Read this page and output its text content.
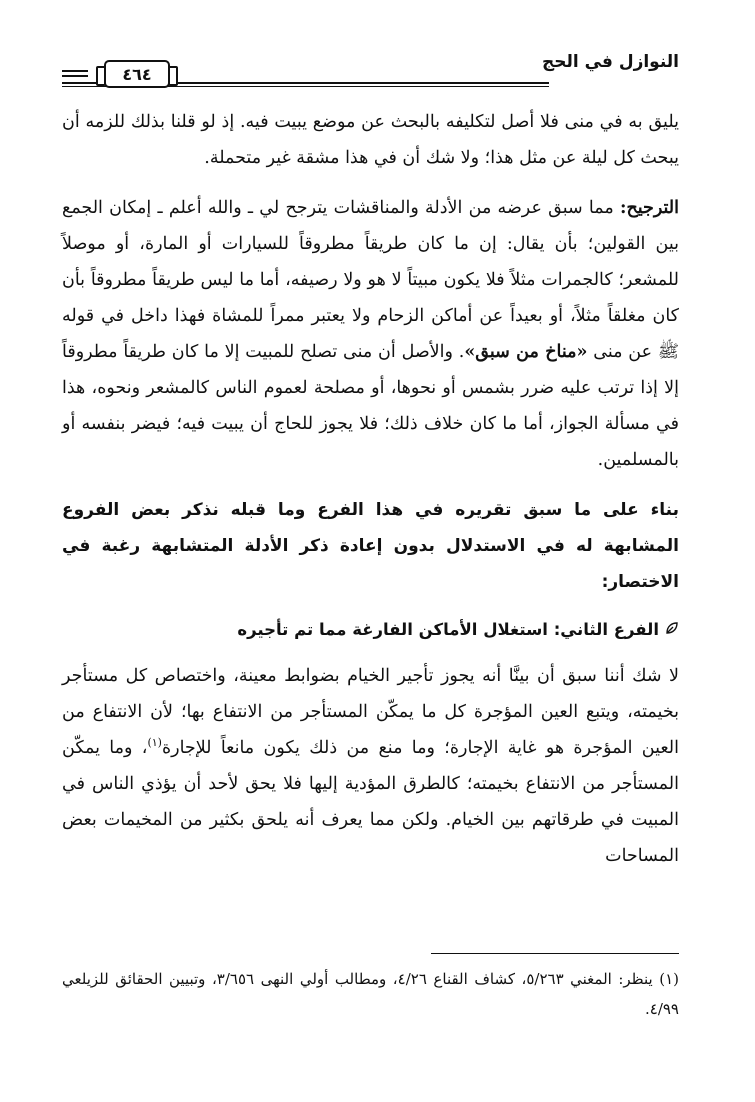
النوازل في الحج
٤٦٤

يليق به في منى فلا أصل لتكليفه بالبحث عن موضع يبيت فيه. إذ لو قلنا بذلك للزمه أن يبحث كل ليلة عن مثل هذا؛ ولا شك أن في هذا مشقة غير متحملة.

الترجيح: مما سبق عرضه من الأدلة والمناقشات يترجح لي ـ والله أعلم ـ إمكان الجمع بين القولين؛ بأن يقال: إن ما كان طريقاً مطروقاً للسيارات أو المارة، أو موصلاً للمشعر؛ كالجمرات مثلاً فلا يكون مبيتاً لا هو ولا رصيفه، أما ما ليس طريقاً مطروقاً بأن كان مغلقاً مثلاً، أو بعيداً عن أماكن الزحام ولا يعتبر ممراً للمشاة فهذا داخل في قوله ﷺ عن منى «مناخ من سبق». والأصل أن منى تصلح للمبيت إلا ما كان طريقاً مطروقاً إلا إذا ترتب عليه ضرر بشمس أو نحوها، أو مصلحة لعموم الناس كالمشعر ونحوه، هذا في مسألة الجواز، أما ما كان خلاف ذلك؛ فلا يجوز للحاج أن يبيت فيه؛ فيضر بنفسه أو بالمسلمين.

بناء على ما سبق تقريره في هذا الفرع وما قبله نذكر بعض الفروع المشابهة له في الاستدلال بدون إعادة ذكر الأدلة المتشابهة رغبة في الاختصار:

الفرع الثاني: استغلال الأماكن الفارغة مما تم تأجيره

لا شك أننا سبق أن بينَّا أنه يجوز تأجير الخيام بضوابط معينة، واختصاص كل مستأجر بخيمته، ويتبع العين المؤجرة كل ما يمكّن المستأجر من الانتفاع بها؛ لأن الانتفاع من العين المؤجرة هو غاية الإجارة؛ وما منع من ذلك يكون مانعاً للإجارة$^{(١)}$، وما يمكّن المستأجر من الانتفاع بخيمته؛ كالطرق المؤدية إليها فلا يحق لأحد أن يؤذي الناس في المبيت في طرقاتهم بين الخيام. ولكن مما يعرف أنه يلحق بكثير من المخيمات بعض المساحات

(١) ينظر: المغني ٥/٢٦٣، كشاف القناع ٤/٢٦، ومطالب أولي النهى ٣/٦٥٦، وتبيين الحقائق للزيلعي ٤/٩٩.
